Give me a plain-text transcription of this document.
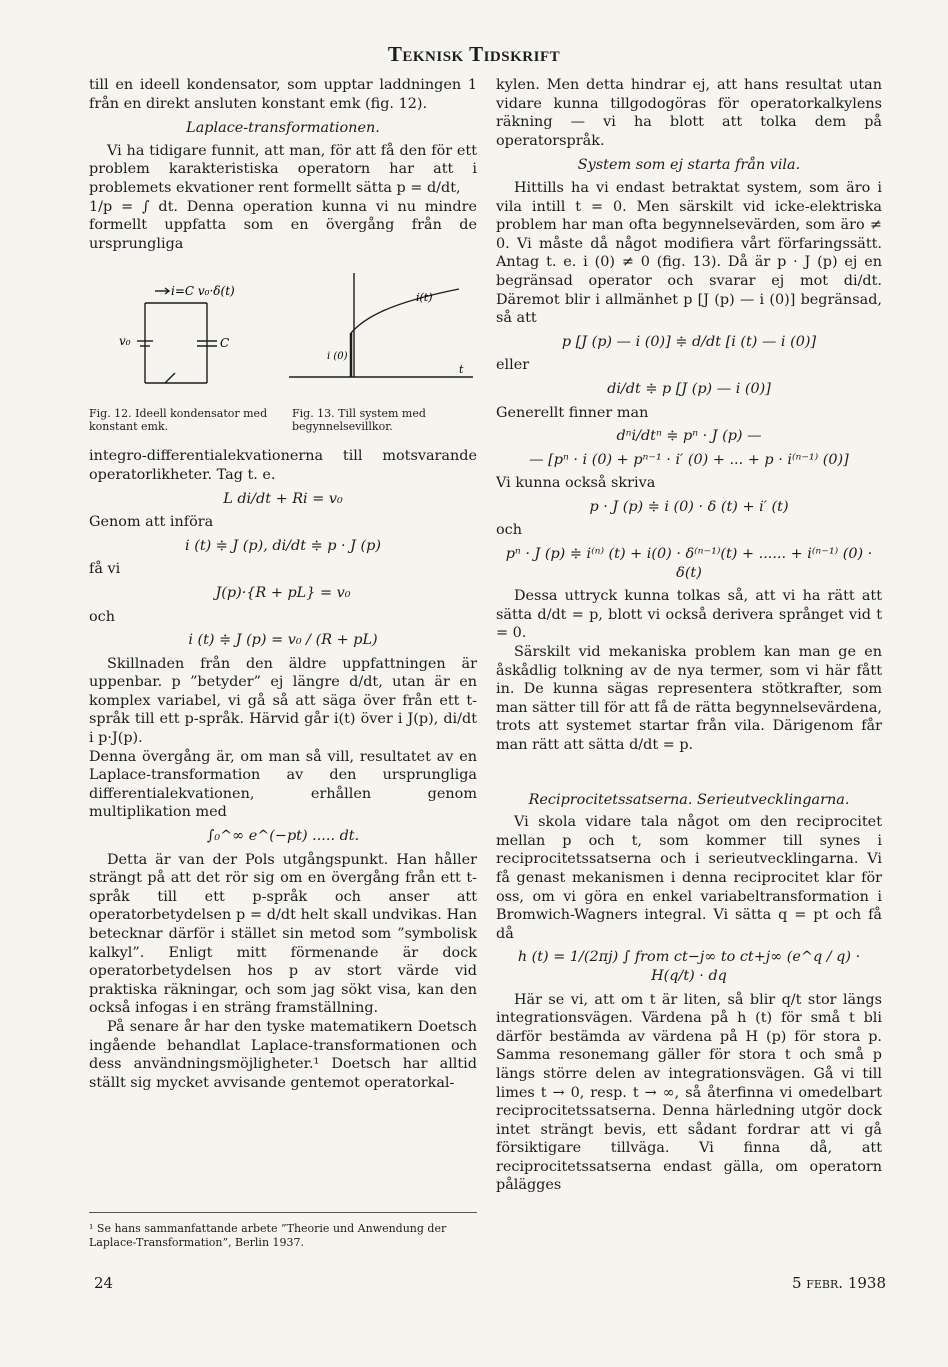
Teknisk Tidskrift

till en ideell kondensator, som upptar laddningen 1 från en direkt ansluten konstant emk (fig. 12).

Laplace-transformationen.

Vi ha tidigare funnit, att man, för att få den för ett problem karakteristiska operatorn har att i problemets ekvationer rent formellt sätta p = d/dt,

1/p = ∫ dt. Denna operation kunna vi nu mindre formellt uppfatta som en övergång från de ursprungliga

i=C v₀·δ(t)
v₀	C
i(t)
i (0)
t
Fig. 12. Ideell kondensator med konstant emk.
Fig. 13. Till system med begynnelsevillkor.

integro-differentialekvationerna till motsvarande operatorlikheter. Tag t. e.

L di/dt + Ri = v₀
Genom att införa
i (t) ≑ J (p), di/dt ≑ p · J (p)
få vi
J(p)·{R + pL} = v₀
och
i (t) ≑ J (p) = v₀ / (R + pL)

Skillnaden från den äldre uppfattningen är uppenbar. p ”betyder” ej längre d/dt, utan är en komplex variabel, vi gå så att säga över från ett t-språk till ett p-språk. Härvid går i(t) över i J(p), di/dt i p·J(p).

Denna övergång är, om man så vill, resultatet av en Laplace-transformation av den ursprungliga differentialekvationen, erhållen genom multiplikation med

∫₀^∞ e^(−pt) ..... dt.

Detta är van der Pols utgångspunkt. Han håller strängt på att det rör sig om en övergång från ett t-språk till ett p-språk och anser att operatorbetydelsen p = d/dt helt skall undvikas. Han betecknar därför i stället sin metod som ”symbolisk kalkyl”. Enligt mitt förmenande är dock operatorbetydelsen hos p av stort värde vid praktiska räkningar, och som jag sökt visa, kan den också infogas i en sträng framställning.

På senare år har den tyske matematikern Doetsch ingående behandlat Laplace-transformationen och dess användningsmöjligheter.¹ Doetsch har alltid ställt sig mycket avvisande gentemot operatorkal-

kylen. Men detta hindrar ej, att hans resultat utan vidare kunna tillgodogöras för operatorkalkylens räkning — vi ha blott att tolka dem på operatorspråk.

System som ej starta från vila.

Hittills ha vi endast betraktat system, som äro i vila intill t = 0. Men särskilt vid icke-elektriska problem har man ofta begynnelsevärden, som äro ≠ 0. Vi måste då något modifiera vårt förfaringssätt. Antag t. e. i (0) ≠ 0 (fig. 13). Då är p · J (p) ej en begränsad operator och svarar ej mot di/dt. Däremot blir i allmänhet p [J (p) — i (0)] begränsad, så att

p [J (p) — i (0)] ≑ d/dt [i (t) — i (0)]
eller
di/dt ≑ p [J (p) — i (0)]
Generellt finner man
dⁿi/dtⁿ ≑ pⁿ · J (p) —
— [pⁿ · i (0) + pⁿ⁻¹ · i′ (0) + ... + p · i⁽ⁿ⁻¹⁾ (0)]
Vi kunna också skriva
p · J (p) ≑ i (0) · δ (t) + i′ (t)
och
pⁿ · J (p) ≑ i⁽ⁿ⁾ (t) + i(0) · δ⁽ⁿ⁻¹⁾(t) + ...... + i⁽ⁿ⁻¹⁾ (0) · δ(t)

Dessa uttryck kunna tolkas så, att vi ha rätt att sätta d/dt = p, blott vi också derivera språnget vid t = 0.

Särskilt vid mekaniska problem kan man ge en åskådlig tolkning av de nya termer, som vi här fått in. De kunna sägas representera stötkrafter, som man sätter till för att få de rätta begynnelsevärdena, trots att systemet startar från vila. Därigenom får man rätt att sätta d/dt = p.

Reciprocitetssatserna. Serieutvecklingarna.

Vi skola vidare tala något om den reciprocitet mellan p och t, som kommer till synes i reciprocitetssatserna och i serieutvecklingarna. Vi få genast mekanismen i denna reciprocitet klar för oss, om vi göra en enkel variabeltransformation i Bromwich-Wagners integral. Vi sätta q = pt och få då

h (t) = 1/(2πj) ∫ from ct−j∞ to ct+j∞ (e^q / q) · H(q/t) · dq

Här se vi, att om t är liten, så blir q/t stor längs integrationsvägen. Värdena på h (t) för små t bli därför bestämda av värdena på H (p) för stora p. Samma resonemang gäller för stora t och små p längs större delen av integrationsvägen. Gå vi till limes t → 0, resp. t → ∞, så återfinna vi omedelbart reciprocitetssatserna. Denna härledning utgör dock intet strängt bevis, ett sådant fordrar att vi gå försiktigare tillväga. Vi finna då, att reciprocitetssatserna endast gälla, om operatorn pålägges

¹ Se hans sammanfattande arbete ”Theorie und Anwendung der Laplace-Transformation”, Berlin 1937.
24	5 febr. 1938
